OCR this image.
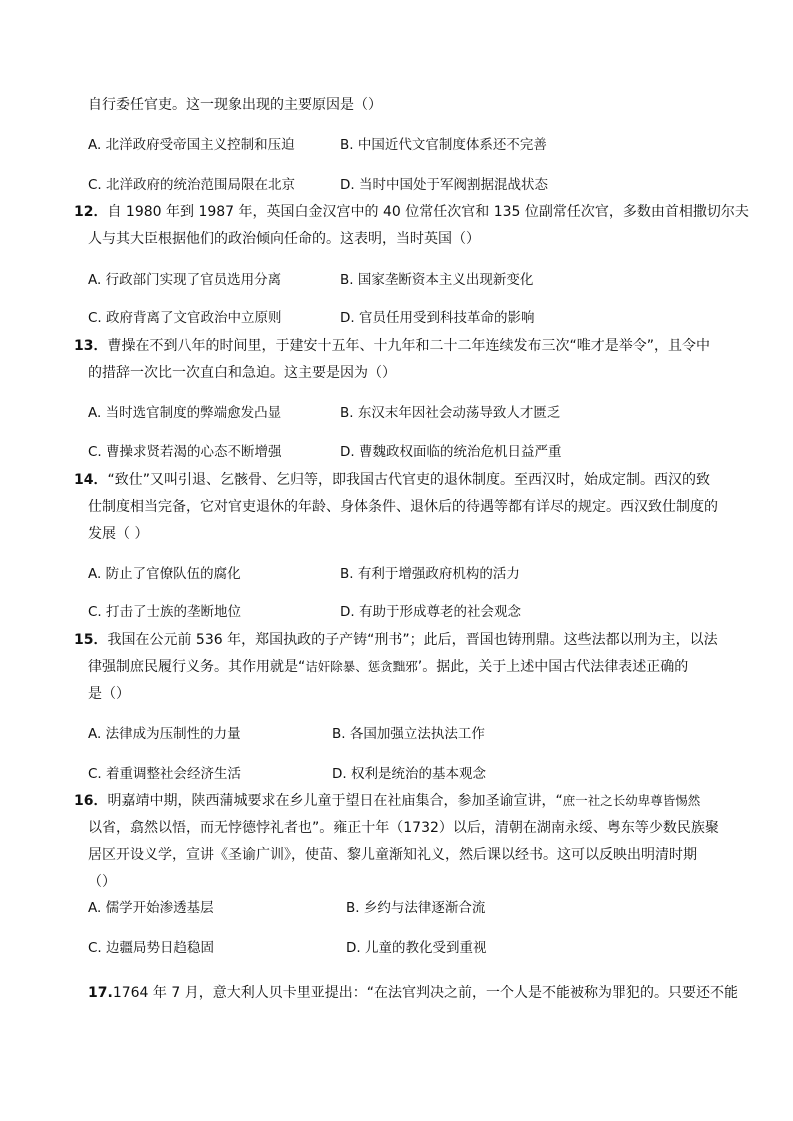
自行委任官吏。这一现象出现的主要原因是（）
A. 北洋政府受帝国主义控制和压迫	B. 中国近代文官制度体系还不完善
C. 北洋政府的统治范围局限在北京	D. 当时中国处于军阀割据混战状态
12．自 1980 年到 1987 年，英国白金汉宫中的 40 位常任次官和 135 位副常任次官，多数由首相撒切尔夫
人与其大臣根据他们的政治倾向任命的。这表明，当时英国（）
A. 行政部门实现了官员选用分离	B. 国家垄断资本主义出现新变化
C. 政府背离了文官政治中立原则	D. 官员任用受到科技革命的影响
13．曹操在不到八年的时间里，于建安十五年、十九年和二十二年连续发布三次“唯才是举令”，且令中
的措辞一次比一次直白和急迫。这主要是因为（）
A. 当时选官制度的弊端愈发凸显	B. 东汉末年因社会动荡导致人才匮乏
C. 曹操求贤若渴的心态不断增强	D. 曹魏政权面临的统治危机日益严重
14．“致仕”又叫引退、乞骸骨、乞归等，即我国古代官吏的退休制度。至西汉时，始成定制。西汉的致
仕制度相当完备，它对官吏退休的年龄、身体条件、退休后的待遇等都有详尽的规定。西汉致仕制度的
发展（ ）
A. 防止了官僚队伍的腐化	B. 有利于增强政府机构的活力
C. 打击了士族的垄断地位	D. 有助于形成尊老的社会观念
15．我国在公元前 536 年，郑国执政的子产铸“刑书”；此后，晋国也铸刑鼎。这些法都以刑为主，以法
律强制庶民履行义务。其作用就是“诘奸除暴、惩贪黜邪’。据此，关于上述中国古代法律表述正确的
是（）
A. 法律成为压制性的力量	B. 各国加强立法执法工作
C. 着重调整社会经济生活	D. 权利是统治的基本观念
16．明嘉靖中期，陕西蒲城要求在乡儿童于望日在社庙集合，参加圣谕宣讲，“庶一社之长幼卑尊皆惕然
以省，翕然以悟，而无悖德悖礼者也”。雍正十年（1732）以后，清朝在湖南永绥、粤东等少数民族聚
居区开设义学，宣讲《圣谕广训》，使苗、黎儿童渐知礼义，然后课以经书。这可以反映出明清时期
（）
A. 儒学开始渗透基层	B. 乡约与法律逐渐合流
C. 边疆局势日趋稳固	D. 儿童的教化受到重视
17.1764 年 7 月，意大利人贝卡里亚提出：“在法官判决之前，一个人是不能被称为罪犯的。只要还不能
